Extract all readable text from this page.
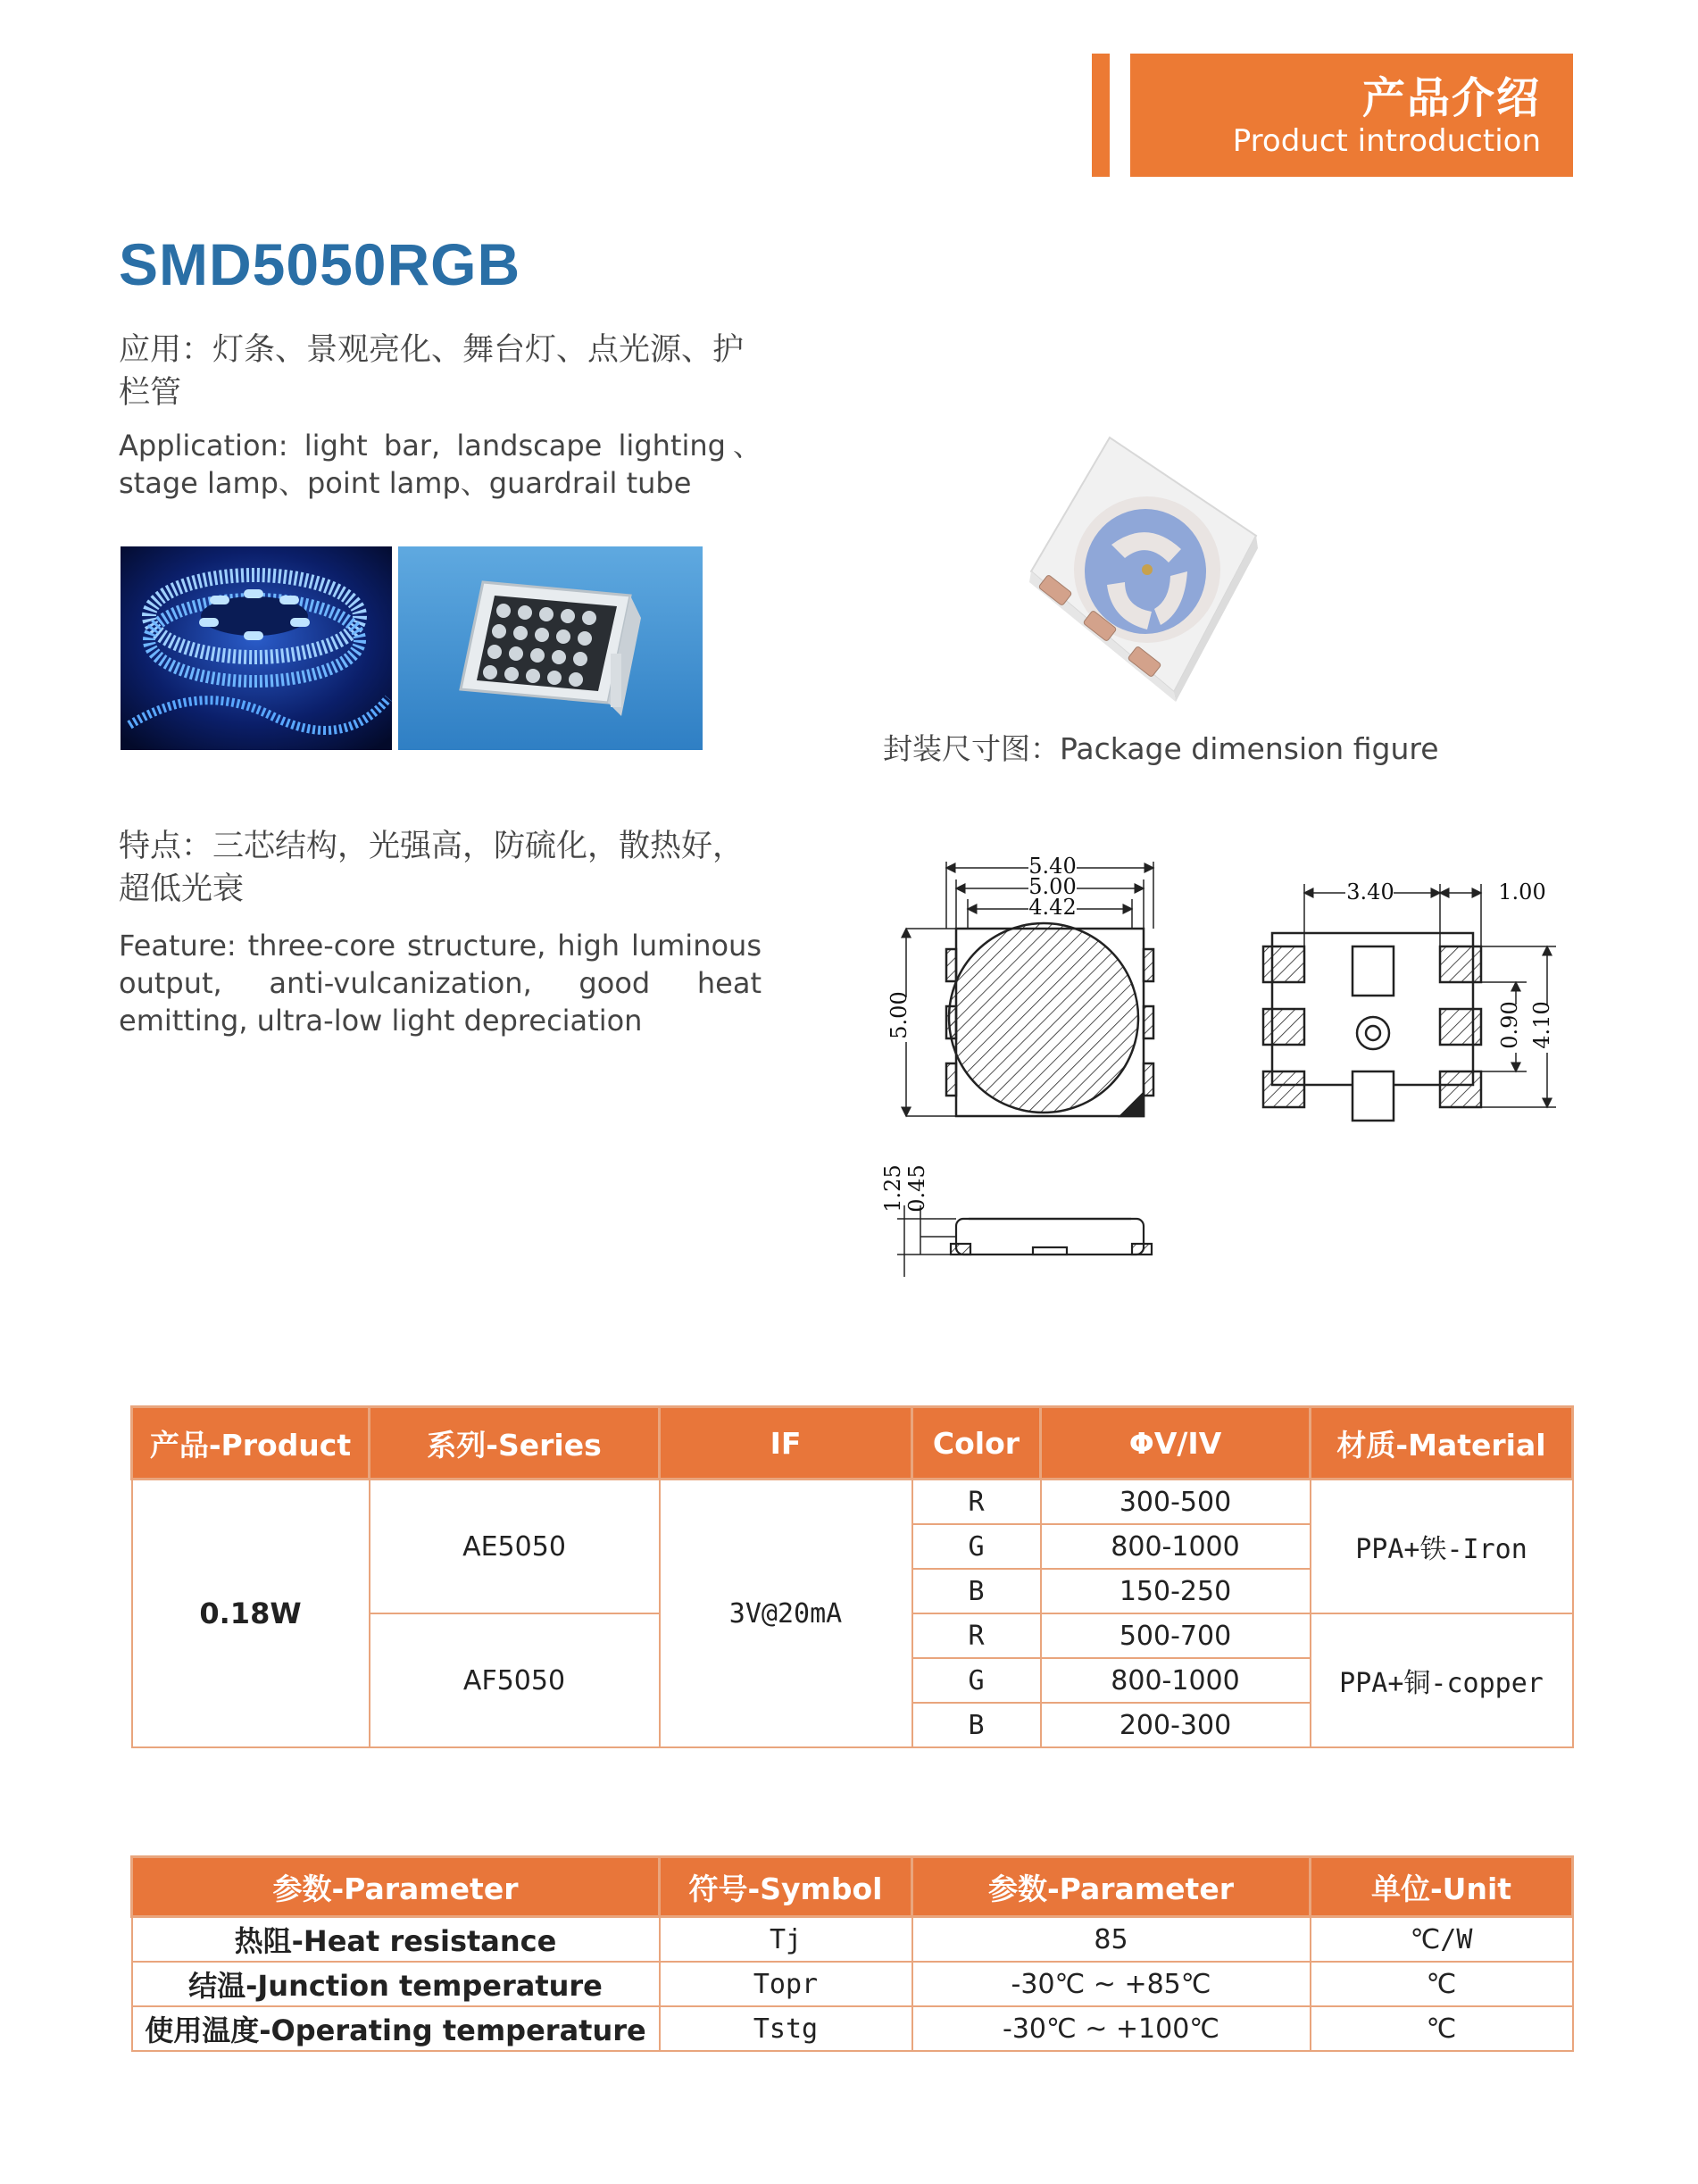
产品介绍
Product introduction
SMD5050RGB
应用：灯条、景观亮化、舞台灯、点光源、护栏管
Application: light bar, landscape lighting、stage lamp、point lamp、guardrail tube
封装尺寸图：Package dimension figure
特点：三芯结构，光强高，防硫化，散热好，超低光衰
Feature: three-core structure, high luminous output, anti-vulcanization, good heat emitting, ultra-low light depreciation
5.40
5.00
4.42
5.00
1.25 0.45
3.40	1.00
0.90 4.10
产品-Product	系列-Series	IF	Color	ΦV/IV	材质-Material
0.18W	AE5050	3V@20mA	R	300-500	PPA+铁-Iron
			G	800-1000	
			B	150-250	
	AF5050		R	500-700	PPA+铜-copper
			G	800-1000	
			B	200-300	
参数-Parameter	符号-Symbol	参数-Parameter	单位-Unit
热阻-Heat resistance	Tj	85	℃/W
结温-Junction temperature	Topr	-30℃ ~ +85℃	℃
使用温度-Operating temperature	Tstg	-30℃ ~ +100℃	℃
